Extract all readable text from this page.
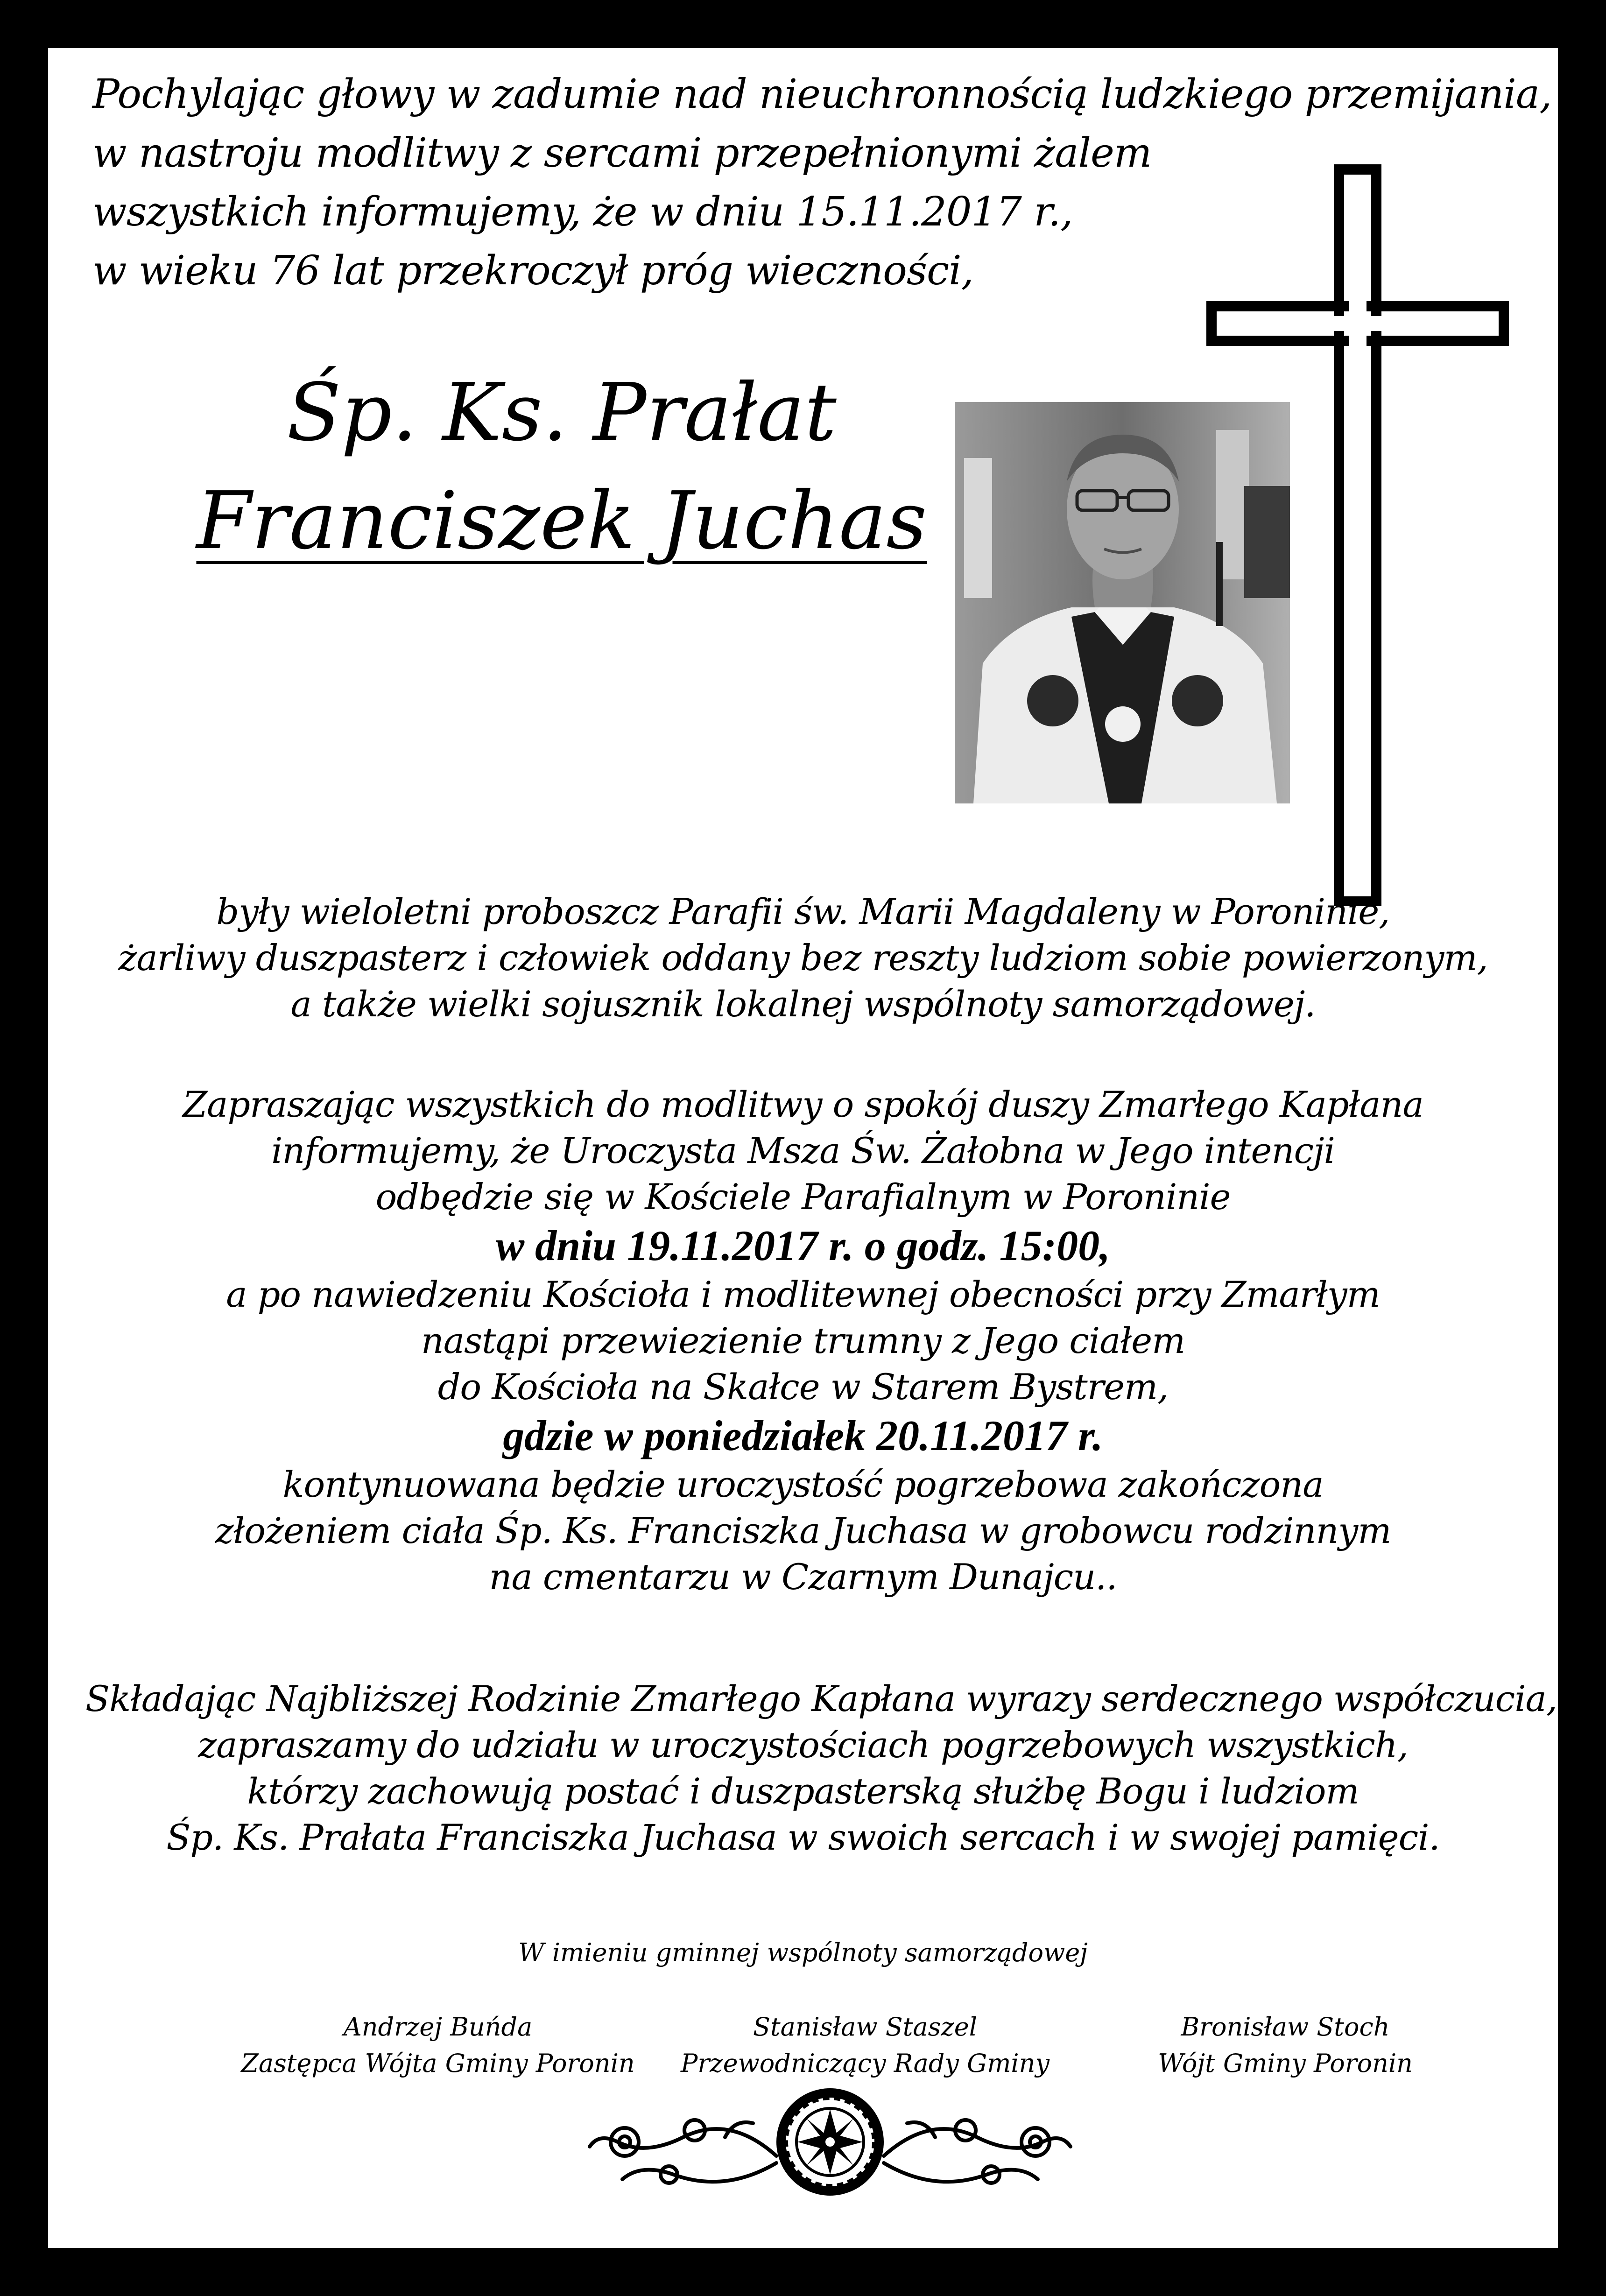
Pochylając głowy w zadumie nad nieuchronnością ludzkiego przemijania,
w nastroju modlitwy z sercami przepełnionymi żalem
wszystkich informujemy, że w dniu 15.11.2017 r.,
w wieku 76 lat przekroczył próg wieczności,
Śp. Ks. Prałat
Franciszek Juchas
były wieloletni proboszcz Parafii św. Marii Magdaleny w Poroninie,
żarliwy duszpasterz i człowiek oddany bez reszty ludziom sobie powierzonym,
a także wielki sojusznik lokalnej wspólnoty samorządowej.
Zapraszając wszystkich do modlitwy o spokój duszy Zmarłego Kapłana
informujemy, że Uroczysta Msza Św. Żałobna w Jego intencji
odbędzie się w Kościele Parafialnym w Poroninie
w dniu 19.11.2017 r. o godz. 15:00,
a po nawiedzeniu Kościoła i modlitewnej obecności przy Zmarłym
nastąpi przewiezienie trumny z Jego ciałem
do Kościoła na Skałce w Starem Bystrem,
gdzie w poniedziałek 20.11.2017 r.
kontynuowana będzie uroczystość pogrzebowa zakończona
złożeniem ciała Śp. Ks. Franciszka Juchasa w grobowcu rodzinnym
na cmentarzu w Czarnym Dunajcu..
Składając Najbliższej Rodzinie Zmarłego Kapłana wyrazy serdecznego współczucia,
zapraszamy do udziału w uroczystościach pogrzebowych wszystkich,
którzy zachowują postać i duszpasterską służbę Bogu i ludziom
Śp. Ks. Prałata Franciszka Juchasa w swoich sercach i w swojej pamięci.
W imieniu gminnej wspólnoty samorządowej
Andrzej Buńda
Zastępca Wójta Gminy Poronin
Stanisław Staszel
Przewodniczący Rady Gminy
Bronisław Stoch
Wójt Gminy Poronin
